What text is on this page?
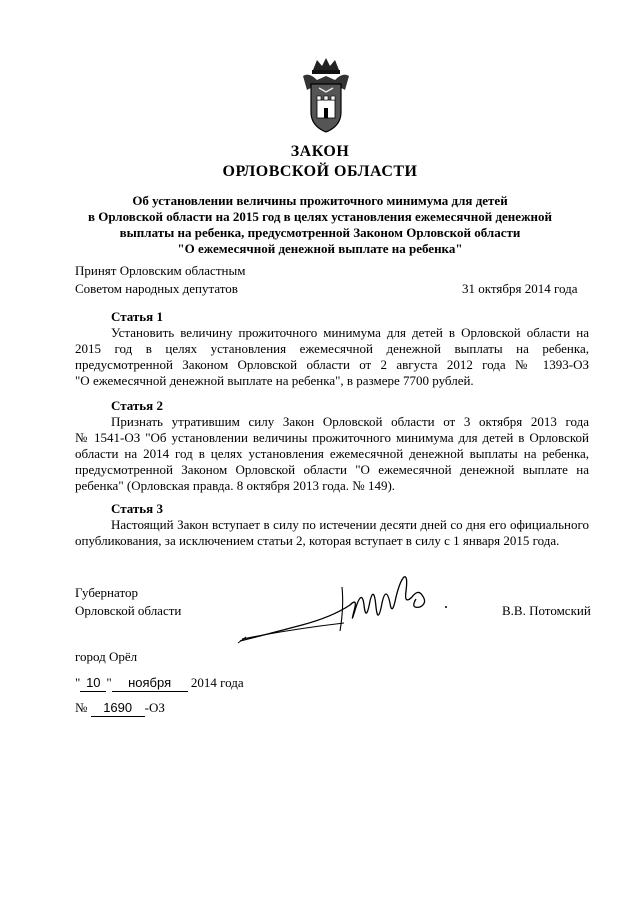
ЗАКОН
ОРЛОВСКОЙ ОБЛАСТИ
Об установлении величины прожиточного минимума для детей
в Орловской области на 2015 год в целях установления ежемесячной денежной
выплаты на ребенка, предусмотренной Законом Орловской области
"О ежемесячной денежной выплате на ребенка"
Принят Орловским областным
Советом народных депутатов	31 октября 2014 года
Статья 1
Установить величину прожиточного минимума для детей в Орловской области на
2015 год в целях установления ежемесячной денежной выплаты на ребенка,
предусмотренной Законом Орловской области от 2 августа 2012 года № 1393-ОЗ
"О ежемесячной денежной выплате на ребенка", в размере 7700 рублей.
Статья 2
Признать утратившим силу Закон Орловской области от 3 октября 2013 года
№ 1541-ОЗ "Об установлении величины прожиточного минимума для детей в Орловской
области на 2014 год в целях установления ежемесячной денежной выплаты на ребенка,
предусмотренной Законом Орловской области "О ежемесячной денежной выплате на
ребенка" (Орловская правда. 8 октября 2013 года. № 149).
Статья 3
Настоящий Закон вступает в силу по истечении десяти дней со дня его официального
опубликования, за исключением статьи 2, которая вступает в силу с 1 января 2015 года.
Губернатор
Орловской области	В.В. Потомский
город Орёл
" 10 " ноября 2014 года
№ 1690 -ОЗ
